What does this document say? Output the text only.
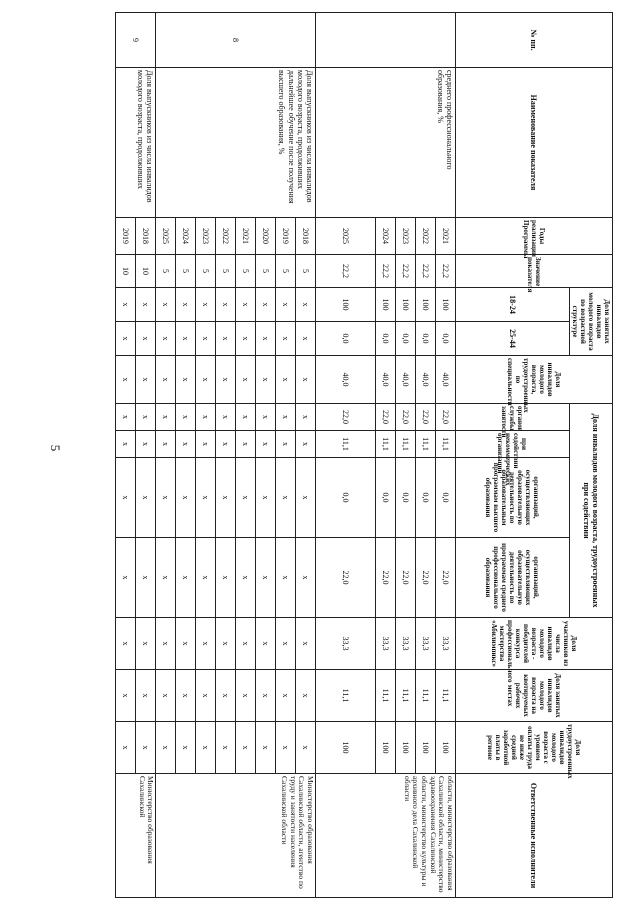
5
№ пп.	Наименование показателя	Годы реализации Программы	Значение показателя	Доля занятых инвалидов молодого возраста по возрастной структуре		Доля инвалидов молодого возраста, трудоустроенных по специальности	Доля инвалидов молодого возраста, трудоустроенных при содействии				Доля участников из числа инвалидов молодого возраста - победителей конкурса профессионального мастерства «Абилимпикс»	Доля занятых инвалидов молодого возраста на квотируемых рабочих местах	Доля трудоустроенных инвалидов молодого возраста с уровнем оплаты труда не ниже средней заработной платы в регионе	Ответственные исполнители
				18-24	25-44		органов службы занятости	при содействии некоммерческих организаций	организаций, осуществляющих образовательную деятельность по образовательным программам высшего образования	организаций, осуществляющих образовательную деятельность по программам среднего профессионального образования				

	среднего профессионального образования, %	2021	22,2	100	0,0	40,0	22,0	11,1	0,0	22,0	33,3	11,1	100	области, министерство образования Сахалинской области, министерство здравоохранения Сахалинской области, министерство культуры и архивного дела Сахалинской области
		2022	22,2	100	0,0	40,0	22,0	11,1	0,0	22,0	33,3	11,1	100	
		2023	22,2	100	0,0	40,0	22,0	11,1	0,0	22,0	33,3	11,1	100	
		2024	22,2	100	0,0	40,0	22,0	11,1	0,0	22,0	33,3	11,1	100	
		2025	22,2	100	0,0	40,0	22,0	11,1	0,0	22,0	33,3	11,1	100	
8	Доля выпускников из числа инвалидов молодого возраста, продолживших дальнейшее обучение после получения высшего образования, %	2018	5	x	x	x	x	x	x	x	x	x	x	Министерство образования Сахалинской области, агентство по труду и занятости населения Сахалинской области
		2019	5	x	x	x	x	x	x	x	x	x	x	
		2020	5	x	x	x	x	x	x	x	x	x	x	
		2021	5	x	x	x	x	x	x	x	x	x	x	
		2022	5	x	x	x	x	x	x	x	x	x	x	
		2023	5	x	x	x	x	x	x	x	x	x	x	
		2024	5	x	x	x	x	x	x	x	x	x	x	
		2025	5	x	x	x	x	x	x	x	x	x	x	
9	Доля выпускников из числа инвалидов молодого возраста, продолживших	2018	10	x	x	x	x	x	x	x	x	x	x	Министерство образования Сахалинской
		2019	10	x	x	x	x	x	x	x	x	x	x	
